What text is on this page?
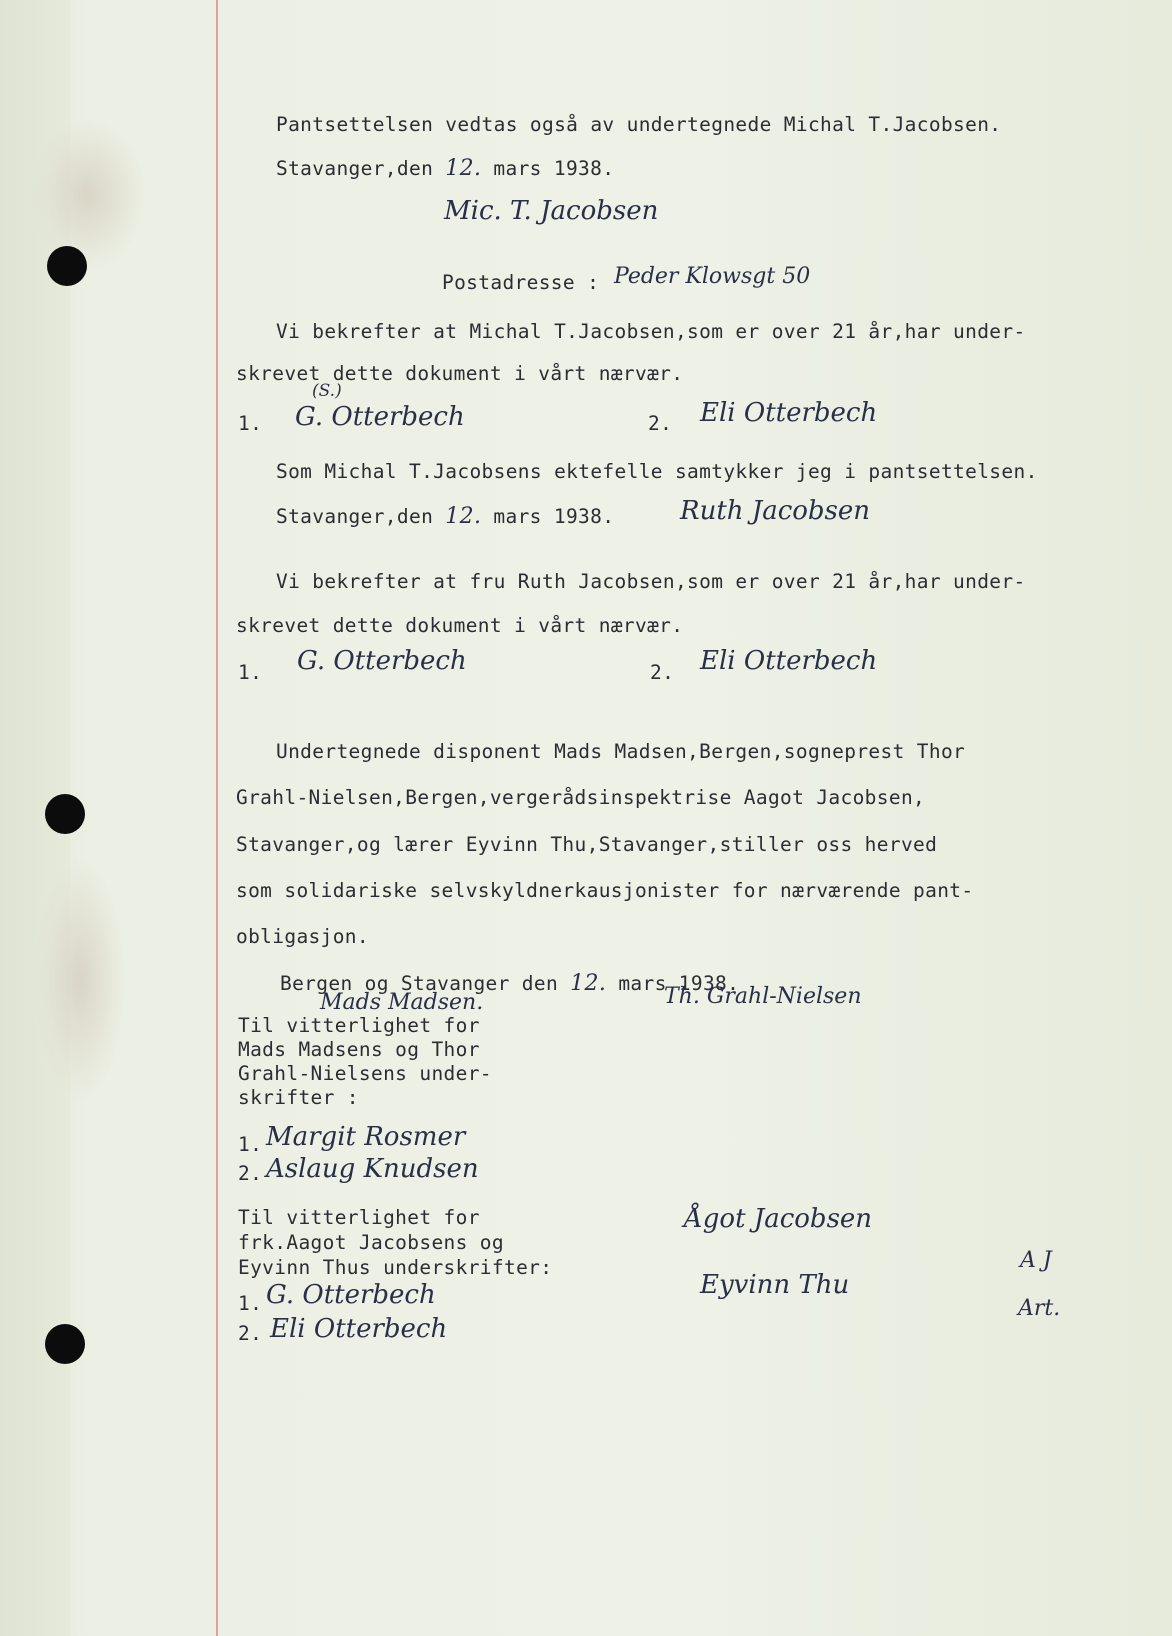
Pantsettelsen vedtas også av undertegnede Michal T.Jacobsen.
Stavanger,den 12. mars 1938.
Mic. T. Jacobsen
Postadresse : Peder Klowsgt 50
Vi bekrefter at Michal T.Jacobsen,som er over 21 år,har under-
skrevet dette dokument i vårt nærvær.
1. G. Otterbech
(S.)
2. Eli Otterbech
Som Michal T.Jacobsens ektefelle samtykker jeg i pantsettelsen.
Stavanger,den 12. mars 1938.	Ruth Jacobsen
Vi bekrefter at fru Ruth Jacobsen,som er over 21 år,har under-
skrevet dette dokument i vårt nærvær.
1. G. Otterbech	2. Eli Otterbech
Undertegnede disponent Mads Madsen,Bergen,sogneprest Thor
Grahl-Nielsen,Bergen,vergerådsinspektrise Aagot Jacobsen,
Stavanger,og lærer Eyvinn Thu,Stavanger,stiller oss herved
som solidariske selvskyldnerkausjonister for nærværende pant-
obligasjon.
Bergen og Stavanger den 12. mars 1938.
Mads Madsen.	Th. Grahl-Nielsen
Til vitterlighet for
Mads Madsens og Thor
Grahl-Nielsens under-
skrifter :
1. Margit Rosmer
2. Aslaug Knudsen
Til vitterlighet for
frk.Aagot Jacobsens og
Eyvinn Thus underskrifter:
Ågot Jacobsen
Eyvinn Thu
A J
Art.
1. G. Otterbech
2. Eli Otterbech
